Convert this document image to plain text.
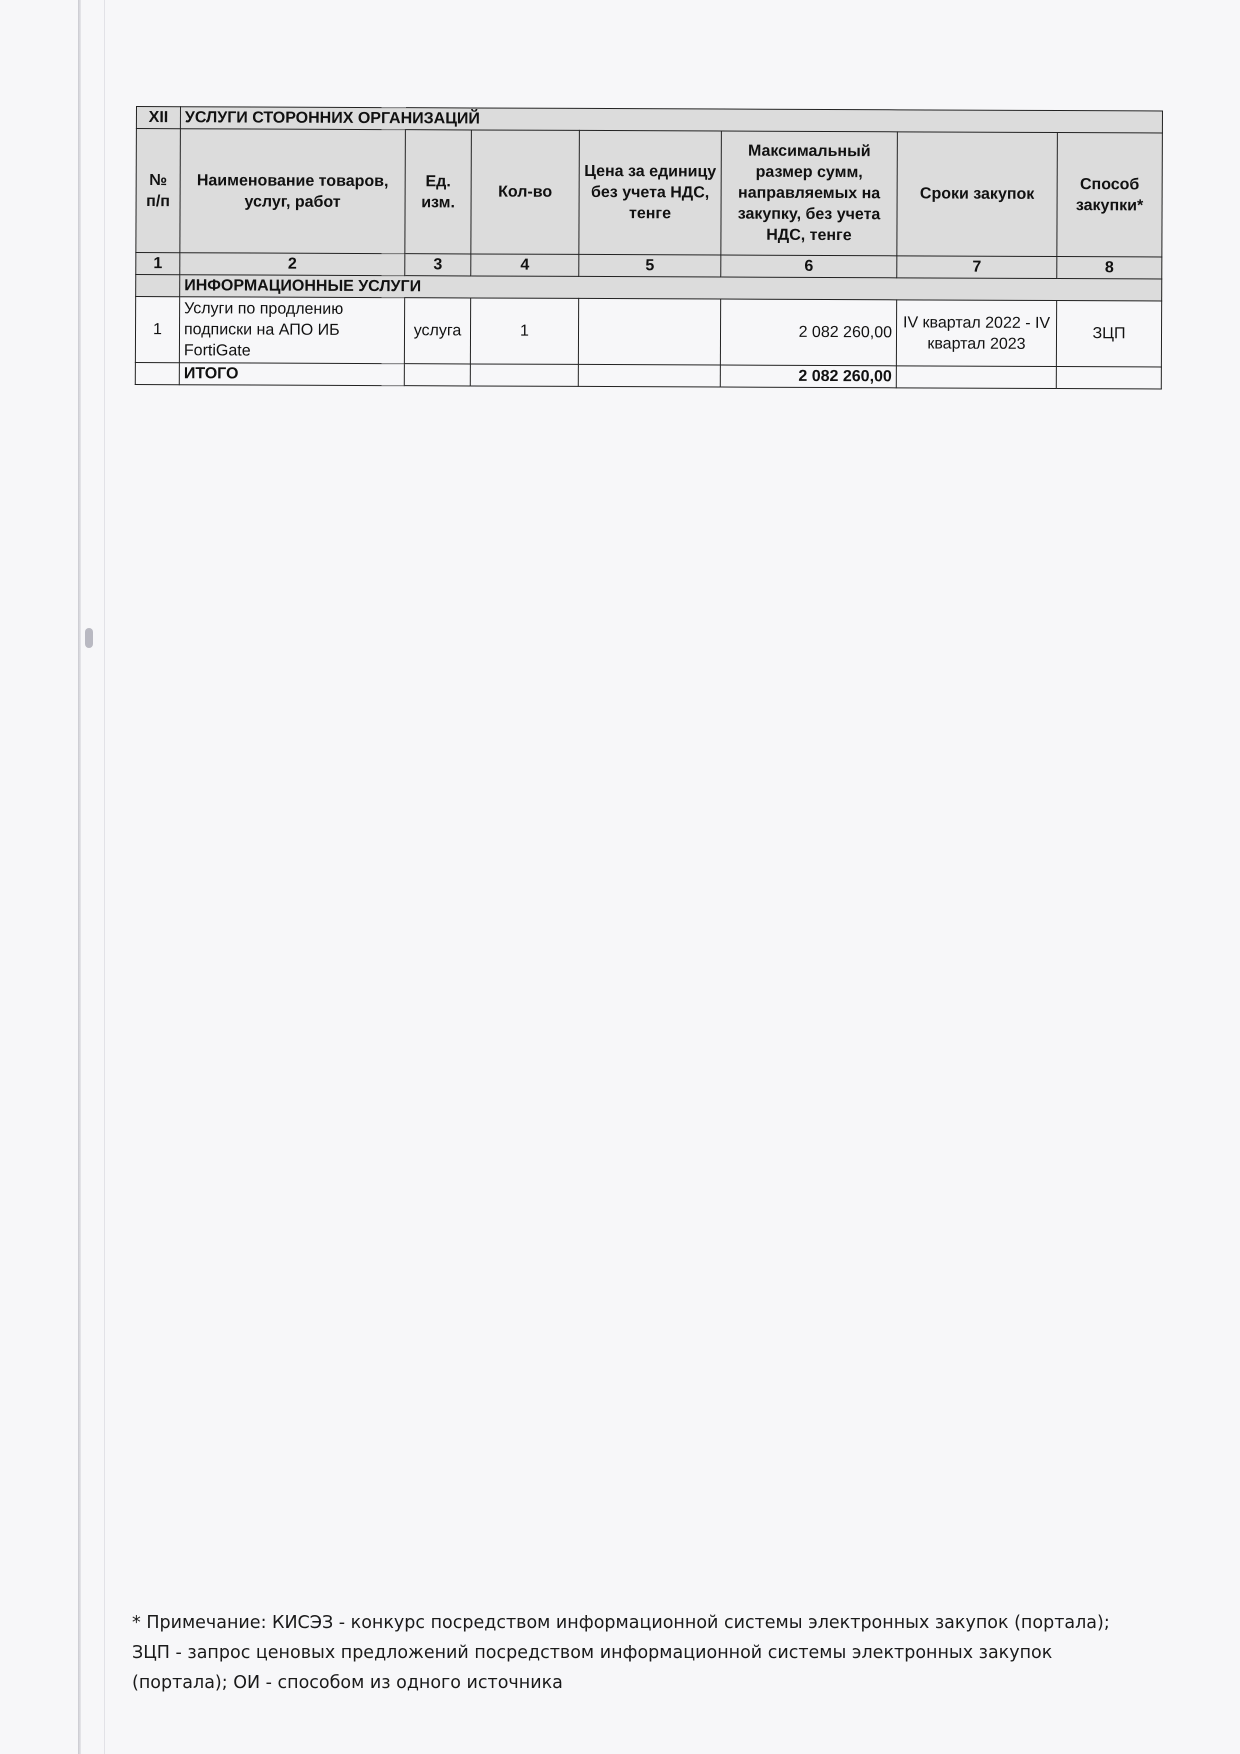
XII	УСЛУГИ СТОРОННИХ ОРГАНИЗАЦИЙ						
№ п/п	Наименование товаров, услуг, работ	Ед. изм.	Кол-во	Цена за единицу без учета НДС, тенге	Максимальный размер сумм, направляемых на закупку, без учета НДС, тенге	Сроки закупок	Способ закупки*
1	2	3	4	5	6	7	8
	ИНФОРМАЦИОННЫЕ УСЛУГИ						
1	Услуги по продлению подписки на АПО ИБ FortiGate	услуга	1		2 082 260,00	IV квартал 2022 - IV квартал 2023	ЗЦП
	ИТОГО				2 082 260,00		
* Примечание: КИСЭЗ - конкурс посредством информационной системы электронных закупок (портала); ЗЦП - запрос ценовых предложений посредством информационной системы электронных закупок (портала); ОИ - способом из одного источника
